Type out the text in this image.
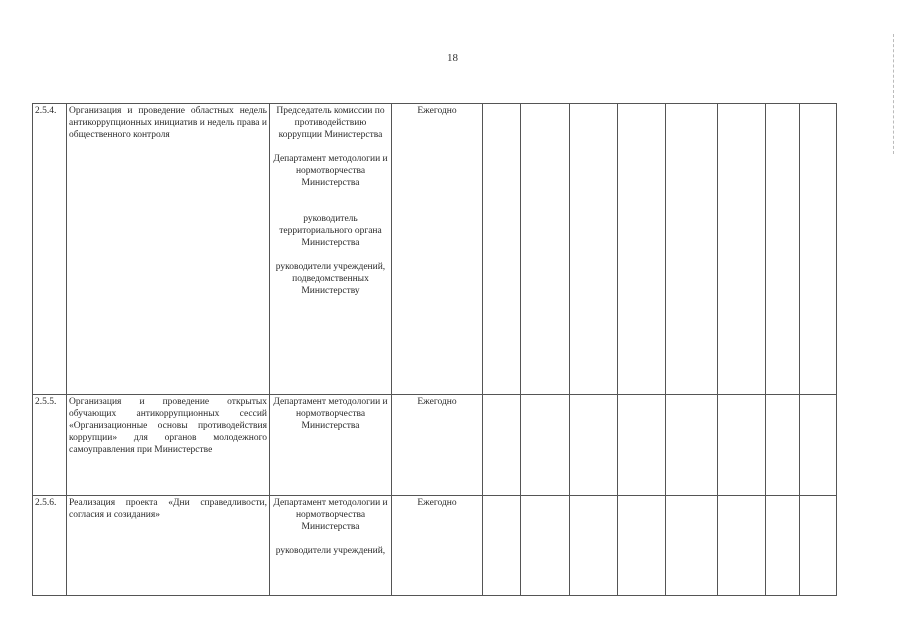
18
2.5.4.	Организация и проведение областных недель антикоррупционных инициатив и недель права и общественного контроля	Председатель комиссии по противодействию коррупции Министерства
Департамент методологии и нормотворчества Министерства
руководитель территориального органа Министерства
руководители учреждений, подведомственных Министерству	Ежегодно								
2.5.5.	Организация и проведение открытых обучающих антикоррупционных сессий «Организационные основы противодействия коррупции» для органов молодежного самоуправления при Министерстве	Департамент методологии и нормотворчества Министерства	Ежегодно								
2.5.6.	Реализация проекта «Дни справедливости, согласия и созидания»	Департамент методологии и нормотворчества Министерства
руководители учреждений,	Ежегодно								
